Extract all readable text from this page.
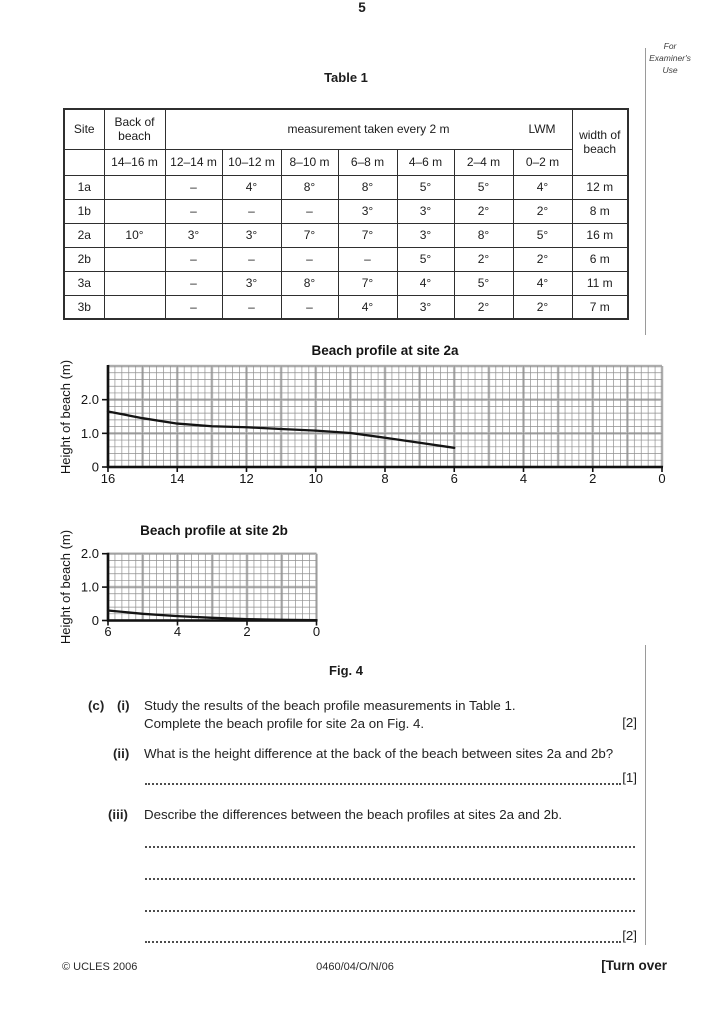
5
For
Examiner's
Use
Table 1
Site	Back of beach	measurement taken every 2 m LWM							width of beach
	14–16 m	12–14 m	10–12 m	8–10 m	6–8 m	4–6 m	2–4 m	0–2 m	
1a		–	4°	8°	8°	5°	5°	4°	12 m
1b		–	–	–	3°	3°	2°	2°	8 m
2a	10°	3°	3°	7°	7°	3°	8°	5°	16 m
2b		–	–	–	–	5°	2°	2°	6 m
3a		–	3°	8°	7°	4°	5°	4°	11 m
3b		–	–	–	4°	3°	2°	2°	7 m
16	14	12	10	8	6	4	2	0
0
1.0
2.0
Height of beach (m)
Beach profile at site 2a
6	4	2	0
0
1.0
2.0
Height of beach (m)	Beach profile at site 2b
Fig. 4
(c) (i) Study the results of the beach profile measurements in Table 1.
Complete the beach profile for site 2a on Fig. 4.	[2]
(ii) What is the height difference at the back of the beach between sites 2a and 2b?
[1]
(iii) Describe the differences between the beach profiles at sites 2a and 2b.
[2]
© UCLES 2006	0460/04/O/N/06	[Turn over
